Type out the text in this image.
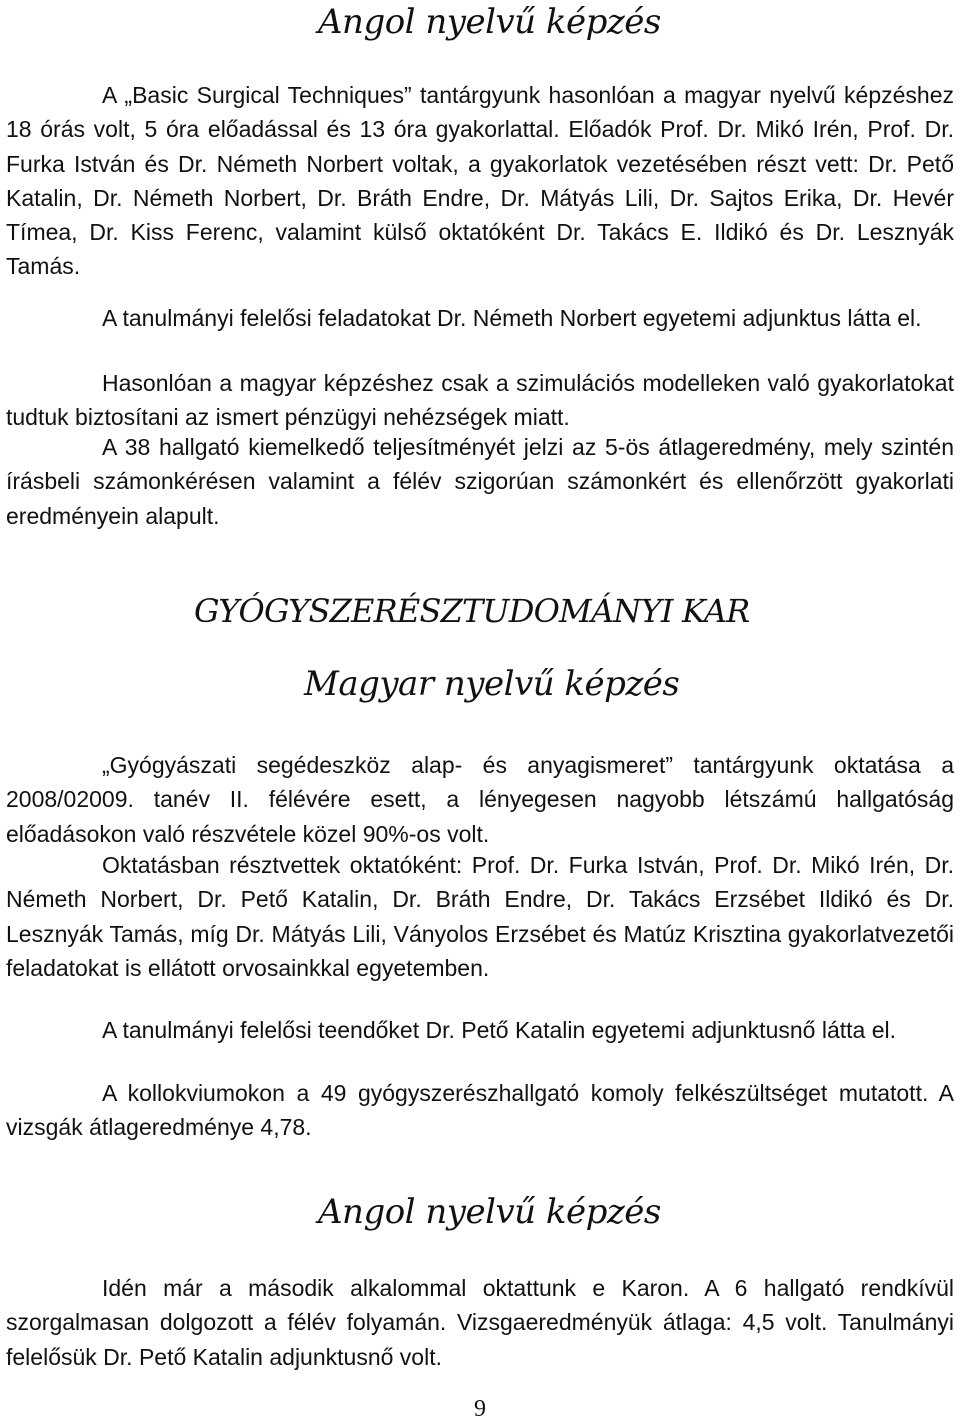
Angol nyelvű képzés

A „Basic Surgical Techniques” tantárgyunk hasonlóan a magyar nyelvű képzéshez 18 órás volt, 5 óra előadással és 13 óra gyakorlattal. Előadók Prof. Dr. Mikó Irén, Prof. Dr. Furka István és Dr. Németh Norbert voltak, a gyakorlatok vezetésében részt vett: Dr. Pető Katalin, Dr. Németh Norbert, Dr. Bráth Endre, Dr. Mátyás Lili, Dr. Sajtos Erika, Dr. Hevér Tímea, Dr. Kiss Ferenc, valamint külső oktatóként Dr. Takács E. Ildikó és Dr. Lesznyák Tamás.

A tanulmányi felelősi feladatokat Dr. Németh Norbert egyetemi adjunktus látta el.

Hasonlóan a magyar képzéshez csak a szimulációs modelleken való gyakorlatokat tudtuk biztosítani az ismert pénzügyi nehézségek miatt.

A 38 hallgató kiemelkedő teljesítményét jelzi az 5-ös átlageredmény, mely szintén írásbeli számonkérésen valamint a félév szigorúan számonkért és ellenőrzött gyakorlati eredményein alapult.

GYÓGYSZERÉSZTUDOMÁNYI KAR
Magyar nyelvű képzés

„Gyógyászati segédeszköz alap- és anyagismeret” tantárgyunk oktatása a 2008/02009. tanév II. félévére esett, a lényegesen nagyobb létszámú hallgatóság előadásokon való részvétele közel 90%-os volt.

Oktatásban résztvettek oktatóként: Prof. Dr. Furka István, Prof. Dr. Mikó Irén, Dr. Németh Norbert, Dr. Pető Katalin, Dr. Bráth Endre, Dr. Takács Erzsébet Ildikó és Dr. Lesznyák Tamás, míg Dr. Mátyás Lili, Ványolos Erzsébet és Matúz Krisztina gyakorlatvezetői feladatokat is ellátott orvosainkkal egyetemben.

A tanulmányi felelősi teendőket Dr. Pető Katalin egyetemi adjunktusnő látta el.

A kollokviumokon a 49 gyógyszerészhallgató komoly felkészültséget mutatott. A vizsgák átlageredménye 4,78.

Angol nyelvű képzés

Idén már a második alkalommal oktattunk e Karon. A 6 hallgató rendkívül szorgalmasan dolgozott a félév folyamán. Vizsgaeredményük átlaga: 4,5 volt. Tanulmányi felelősük Dr. Pető Katalin adjunktusnő volt.

9
